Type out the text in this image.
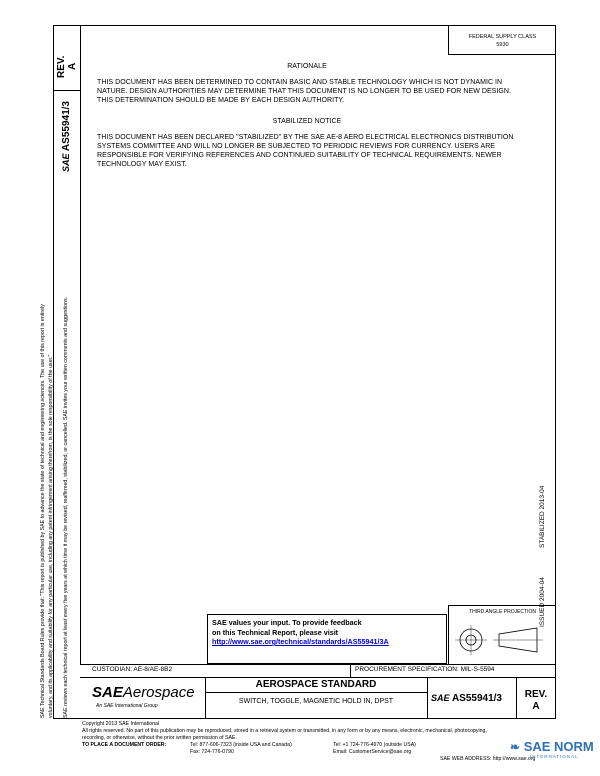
REV. A
SAE AS55941/3
FEDERAL SUPPLY CLASS
5930
RATIONALE
THIS DOCUMENT HAS BEEN DETERMINED TO CONTAIN BASIC AND STABLE TECHNOLOGY WHICH IS NOT DYNAMIC IN NATURE. DESIGN AUTHORITIES MAY DETERMINE THAT THIS DOCUMENT IS NO LONGER TO BE USED FOR NEW DESIGN. THIS DETERMINATION SHOULD BE MADE BY EACH DESIGN AUTHORITY.
STABILIZED NOTICE
THIS DOCUMENT HAS BEEN DECLARED "STABILIZED" BY THE SAE AE-8 AERO ELECTRICAL ELECTRONICS DISTRIBUTION SYSTEMS COMMITTEE AND WILL NO LONGER BE SUBJECTED TO PERIODIC REVIEWS FOR CURRENCY. USERS ARE RESPONSIBLE FOR VERIFYING REFERENCES AND CONTINUED SUITABILITY OF TECHNICAL REQUIREMENTS. NEWER TECHNOLOGY MAY EXIST.
STABILIZED 2013-04
ISSUED 2004-04
SAE values your input. To provide feedback
on this Technical Report, please visit
http://www.sae.org/technical/standards/AS55941/3A
THIRD ANGLE PROJECTION
CUSTODIAN: AE-8/AE-8B2	PROCUREMENT SPECIFICATION: MIL-S-5594
SAEAerospace
An SAE International Group
AEROSPACE STANDARD
SWITCH, TOGGLE, MAGNETIC HOLD IN, DPST	SAE AS55941/3	REV.
A
SAE Technical Standards Board Rules provide that: "This report is published by SAE to advance the state of technical and engineering sciences. The use of this report is entirely voluntary, and its applicability and suitability for any particular use, including any patent infringement arising therefrom, is the sole responsibility of the user." SAE reviews each technical report at least every five years at which time it may be revised, reaffirmed, stabilized, or cancelled. SAE invites your written comments and suggestions.
Copyright 2013 SAE International
All rights reserved. No part of this publication may be reproduced, stored in a retrieval system or transmitted, in any form or by any means, electronic, mechanical, photocopying,
recording, or otherwise, without the prior written permission of SAE.
TO PLACE A DOCUMENT ORDER:	Tel: 877-606-7323 (inside USA and Canada)
Fax: 724-776-0790
Tel: +1 724-776-4970 (outside USA)
Email: CustomerService@sae.org
SAE WEB ADDRESS: http://www.sae.org
❧ SAE NORM
INTERNATIONAL
